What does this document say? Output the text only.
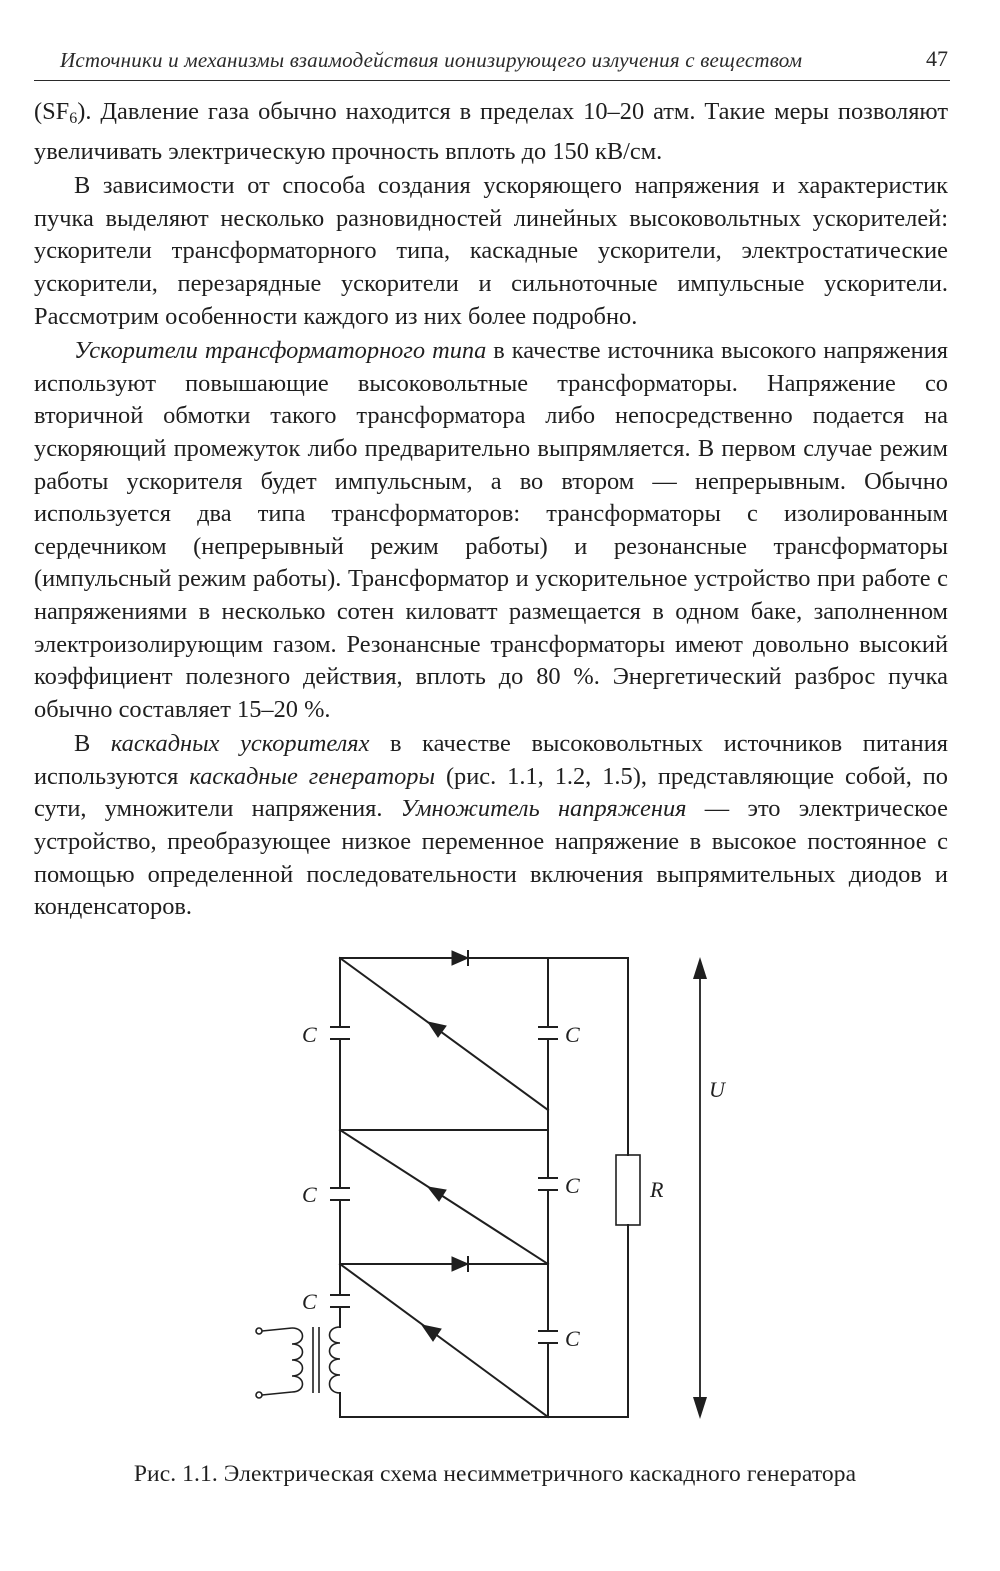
Источники и механизмы взаимодействия ионизирующего излучения с веществом	47

$(SF_6)$. Давление газа обычно находится в пределах 10–20 атм. Такие меры позволяют увеличивать электрическую прочность вплоть до 150 кВ/см.

В зависимости от способа создания ускоряющего напряжения и характеристик пучка выделяют несколько разновидностей линейных высоковольтных ускорителей: ускорители трансформаторного типа, каскадные ускорители, электростатические ускорители, перезарядные ускорители и сильноточные импульсные ускорители. Рассмотрим особенности каждого из них более подробно.

Ускорители трансформаторного типа в качестве источника высокого напряжения используют повышающие высоковольтные трансформаторы. Напряжение со вторичной обмотки такого трансформатора либо непосредственно подается на ускоряющий промежуток либо предварительно выпрямляется. В первом случае режим работы ускорителя будет импульсным, а во втором — непрерывным. Обычно используется два типа трансформаторов: трансформаторы с изолированным сердечником (непрерывный режим работы) и резонансные трансформаторы (импульсный режим работы). Трансформатор и ускорительное устройство при работе с напряжениями в несколько сотен киловатт размещается в одном баке, заполненном электроизолирующим газом. Резонансные трансформаторы имеют довольно высокий коэффициент полезного действия, вплоть до 80 %. Энергетический разброс пучка обычно составляет 15–20 %.

В каскадных ускорителях в качестве высоковольтных источников питания используются каскадные генераторы (рис. 1.1, 1.2, 1.5), представляющие собой, по сути, умножители напряжения. Умножитель напряжения — это электрическое устройство, преобразующее низкое переменное напряжение в высокое постоянное с помощью определенной последовательности включения выпрямительных диодов и конденсаторов.

C
C
C
C
C
C
R
U
Рис. 1.1. Электрическая схема несимметричного каскадного генератора
